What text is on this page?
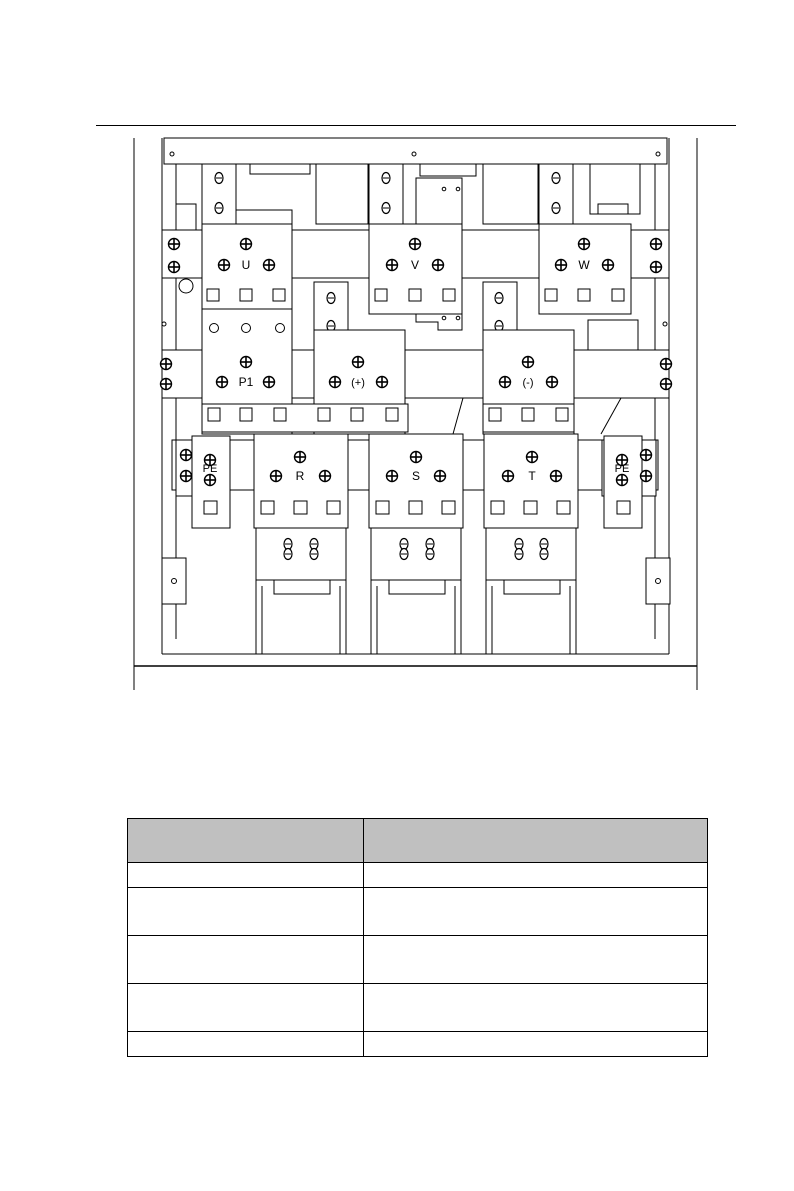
U	V	W
P1	(+)	(-)
PE	R	S	T	PE
